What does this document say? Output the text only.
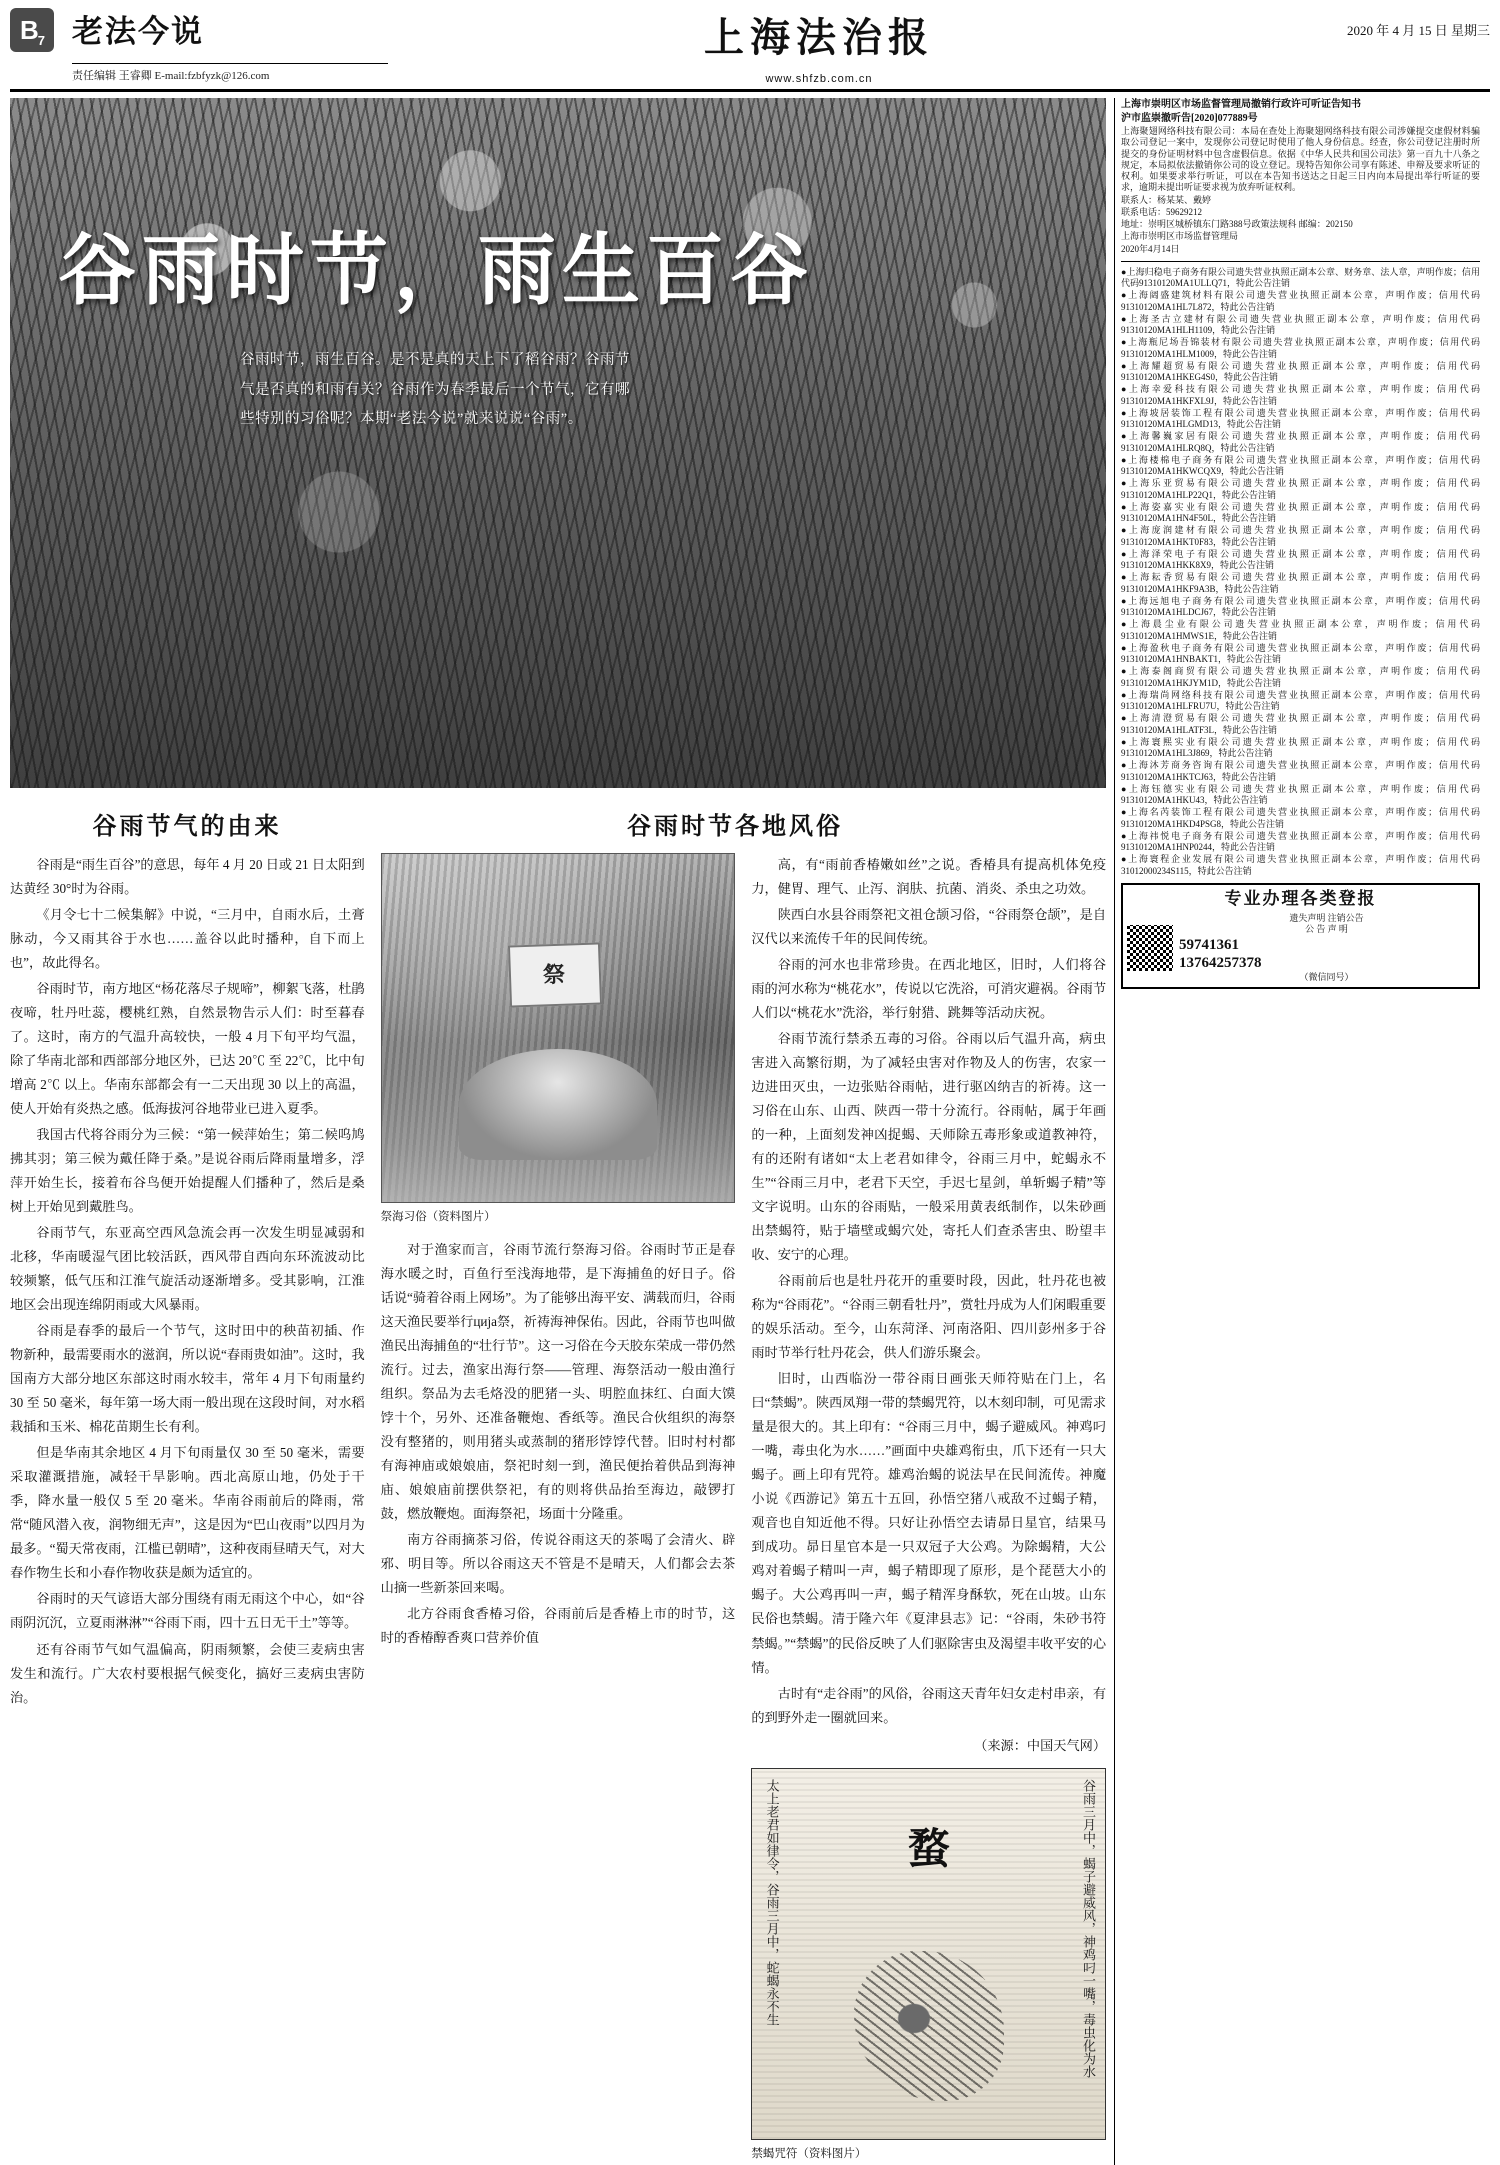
B 7 老法今说
责任编辑 王睿卿 E-mail:fzbfyzk@126.com
上海法治报
www.shfzb.com.cn
2020 年 4 月 15 日 星期三
谷雨时节，雨生百谷
谷雨时节，雨生百谷。是不是真的天上下了稻谷雨？谷雨节气是否真的和雨有关？谷雨作为春季最后一个节气，它有哪些特别的习俗呢？本期“老法今说”就来说说“谷雨”。
谷雨节气的由来	谷雨时节各地风俗

谷雨是“雨生百谷”的意思，每年 4 月 20 日或 21 日太阳到达黄经 30°时为谷雨。

《月令七十二候集解》中说，“三月中，自雨水后，土膏脉动，今又雨其谷于水也……盖谷以此时播种，自下而上也”，故此得名。

谷雨时节，南方地区“杨花落尽子规啼”，柳絮飞落，杜鹃夜啼，牡丹吐蕊，樱桃红熟，自然景物告示人们：时至暮春了。这时，南方的气温升高较快，一般 4 月下旬平均气温，除了华南北部和西部部分地区外，已达 20℃ 至 22℃，比中旬增高 2℃ 以上。华南东部都会有一二天出现 30 以上的高温，使人开始有炎热之感。低海拔河谷地带业已进入夏季。

我国古代将谷雨分为三候：“第一候萍始生；第二候呜鸠拂其羽；第三候为戴任降于桑。”是说谷雨后降雨量增多，浮萍开始生长，接着布谷鸟便开始提醒人们播种了，然后是桑树上开始见到戴胜鸟。

谷雨节气，东亚高空西风急流会再一次发生明显减弱和北移，华南暖湿气团比较活跃，西风带自西向东环流波动比较频繁，低气压和江淮气旋活动逐渐增多。受其影响，江淮地区会出现连绵阴雨或大风暴雨。

谷雨是春季的最后一个节气，这时田中的秧苗初插、作物新种，最需要雨水的滋润，所以说“春雨贵如油”。这时，我国南方大部分地区东部这时雨水较丰，常年 4 月下旬雨量约 30 至 50 毫米，每年第一场大雨一般出现在这段时间，对水稻栽插和玉米、棉花苗期生长有利。

但是华南其余地区 4 月下旬雨量仅 30 至 50 毫米，需要采取灌溉措施，减轻干旱影响。西北高原山地，仍处于干季，降水量一般仅 5 至 20 毫米。华南谷雨前后的降雨，常常“随风潜入夜，润物细无声”，这是因为“巴山夜雨”以四月为最多。“蜀天常夜雨，江槛已朝晴”，这种夜雨昼晴天气，对大春作物生长和小春作物收获是颇为适宜的。

谷雨时的天气谚语大部分围绕有雨无雨这个中心，如“谷雨阴沉沉，立夏雨淋淋”“谷雨下雨，四十五日无干土”等等。

还有谷雨节气如气温偏高，阴雨频繁，会使三麦病虫害发生和流行。广大农村要根据气候变化，搞好三麦病虫害防治。

祭
祭海习俗（资料图片）

对于渔家而言，谷雨节流行祭海习俗。谷雨时节正是春海水暖之时，百鱼行至浅海地带，是下海捕鱼的好日子。俗话说“骑着谷雨上网场”。为了能够出海平安、满载而归，谷雨这天渔民要举行ција祭，祈祷海神保佑。因此，谷雨节也叫做渔民出海捕鱼的“壮行节”。这一习俗在今天胶东荣成一带仍然流行。过去，渔家出海行祭——管理、海祭活动一般由渔行组织。祭品为去毛烙没的肥猪一头、明腔血抹红、白面大馍饽十个，另外、还准备鞭炮、香纸等。渔民合伙组织的海祭没有整猪的，则用猪头或蒸制的猪形饽饽代替。旧时村村都有海神庙或娘娘庙，祭祀时刻一到，渔民便抬着供品到海神庙、娘娘庙前摆供祭祀，有的则将供品抬至海边，敲锣打鼓，燃放鞭炮。面海祭祀，场面十分隆重。

南方谷雨摘茶习俗，传说谷雨这天的茶喝了会清火、辟邪、明目等。所以谷雨这天不管是不是晴天，人们都会去茶山摘一些新茶回来喝。

北方谷雨食香椿习俗，谷雨前后是香椿上市的时节，这时的香椿醇香爽口营养价值

高，有“雨前香椿嫩如丝”之说。香椿具有提高机体免疫力，健胃、理气、止泻、润肤、抗菌、消炎、杀虫之功效。

陕西白水县谷雨祭祀文祖仓颉习俗，“谷雨祭仓颉”，是自汉代以来流传千年的民间传统。

谷雨的河水也非常珍贵。在西北地区，旧时，人们将谷雨的河水称为“桃花水”，传说以它洗浴，可消灾避祸。谷雨节人们以“桃花水”洗浴，举行射猎、跳舞等活动庆祝。

谷雨节流行禁杀五毒的习俗。谷雨以后气温升高，病虫害进入高繁衍期，为了减轻虫害对作物及人的伤害，农家一边进田灭虫，一边张贴谷雨帖，进行驱凶纳吉的祈祷。这一习俗在山东、山西、陕西一带十分流行。谷雨帖，属于年画的一种，上面刻发神凶捉蝎、天师除五毒形象或道教神符，有的还附有诸如“太上老君如律令，谷雨三月中，蛇蝎永不生”“谷雨三月中，老君下天空，手迟七星剑，单斩蝎子精”等文字说明。山东的谷雨贴，一般采用黄表纸制作，以朱砂画出禁蝎符，贴于墙壁或蝎穴处，寄托人们查杀害虫、盼望丰收、安宁的心理。

谷雨前后也是牡丹花开的重要时段，因此，牡丹花也被称为“谷雨花”。“谷雨三朝看牡丹”，赏牡丹成为人们闲暇重要的娱乐活动。至今，山东菏泽、河南洛阳、四川彭州多于谷雨时节举行牡丹花会，供人们游乐聚会。

旧时，山西临汾一带谷雨日画张天师符贴在门上，名曰“禁蝎”。陕西凤翔一带的禁蝎咒符，以木刻印制，可见需求量是很大的。其上印有：“谷雨三月中，蝎子避威风。神鸡叼一嘴，毒虫化为水……”画面中央雄鸡衔虫，爪下还有一只大蝎子。画上印有咒符。雄鸡治蝎的说法早在民间流传。神魔小说《西游记》第五十五回，孙悟空猪八戒敌不过蝎子精，观音也自知近他不得。只好让孙悟空去请昴日星官，结果马到成功。昴日星官本是一只双冠子大公鸡。为除蝎精，大公鸡对着蝎子精叫一声，蝎子精即现了原形，是个琵琶大小的蝎子。大公鸡再叫一声，蝎子精浑身酥软，死在山坡。山东民俗也禁蝎。清于隆六年《夏津县志》记：“谷雨，朱砂书符禁蝎。”“禁蝎”的民俗反映了人们驱除害虫及渴望丰收平安的心情。

古时有“走谷雨”的风俗，谷雨这天青年妇女走村串亲，有的到野外走一圈就回来。

（来源：中国天气网）

谷雨三月中，蝎子避威风，神鸡叼一嘴，毒虫化为水
太上老君如律令，谷雨三月中，蛇蝎永不生	蝥
禁蝎咒符（资料图片）

上海市崇明区市场监督管理局撤销行政许可听证告知书

沪市监崇撤听告[2020]077889号

上海聚翅网络科技有限公司：本局在查处上海聚翅网络科技有限公司涉嫌提交虚假材料骗取公司登记一案中，发现你公司登记时使用了他人身份信息。经查，你公司登记注册时所提交的身份证明材料中包含虚假信息。依据《中华人民共和国公司法》第一百九十八条之规定，本局拟依法撤销你公司的设立登记。现特告知你公司享有陈述、申辩及要求听证的权利。如果要求举行听证，可以在本告知书送达之日起三日内向本局提出举行听证的要求，逾期未提出听证要求视为放弃听证权利。

联系人：杨某某、戴婷

联系电话：59629212

地址：崇明区城桥镇东门路388号政策法规科 邮编：202150

上海市崇明区市场监督管理局

2020年4月14日

●上海归稳电子商务有限公司遗失营业执照正副本公章、财务章、法人章，声明作废；信用代码91310120MA1ULLQ71，特此公告注销

●上海阔盛建筑材料有限公司遗失营业执照正副本公章，声明作废；信用代码91310120MA1HL7L872，特此公告注销

●上海圣古立建材有限公司遗失营业执照正副本公章，声明作废；信用代码91310120MA1HLH1109，特此公告注销

●上海瓶尼场吾锦装材有限公司遗失营业执照正副本公章，声明作废；信用代码91310120MA1HLM1009，特此公告注销

●上海耀超贸易有限公司遗失营业执照正副本公章，声明作废；信用代码91310120MA1HKEG4S0，特此公告注销

●上海幸爱科技有限公司遗失营业执照正副本公章，声明作废；信用代码91310120MA1HKFXL9J，特此公告注销

●上海坡居装饰工程有限公司遗失营业执照正副本公章，声明作废；信用代码91310120MA1HLGMD13，特此公告注销

●上海馨巍家居有限公司遗失营业执照正副本公章，声明作废；信用代码91310120MA1HLRQ8Q，特此公告注销

●上海楼棉电子商务有限公司遗失营业执照正副本公章，声明作废；信用代码91310120MA1HKWCQX9，特此公告注销

●上海乐亚贸易有限公司遗失营业执照正副本公章，声明作废；信用代码91310120MA1HLP22Q1，特此公告注销

●上海姿嘉实业有限公司遗失营业执照正副本公章，声明作废；信用代码91310120MA1HN4F50L，特此公告注销

●上海庞润建材有限公司遗失营业执照正副本公章，声明作废；信用代码91310120MA1HKT0F83，特此公告注销

●上海泽荣电子有限公司遗失营业执照正副本公章，声明作废；信用代码91310120MA1HKK8X9，特此公告注销

●上海耘香贸易有限公司遗失营业执照正副本公章，声明作废；信用代码91310120MA1HKF9A3B，特此公告注销

●上海远旭电子商务有限公司遗失营业执照正副本公章，声明作废；信用代码91310120MA1HLDCJ67，特此公告注销

●上海晨尘业有限公司遗失营业执照正副本公章，声明作废；信用代码91310120MA1HMWS1E，特此公告注销

●上海盈秋电子商务有限公司遗失营业执照正副本公章，声明作废；信用代码91310120MA1HNBAKT1，特此公告注销

●上海泰阁商贸有限公司遗失营业执照正副本公章，声明作废；信用代码91310120MA1HKJYM1D，特此公告注销

●上海瑞尚网络科技有限公司遗失营业执照正副本公章，声明作废；信用代码91310120MA1HLFRU7U，特此公告注销

●上海清澄贸易有限公司遗失营业执照正副本公章，声明作废；信用代码91310120MA1HLATF3L，特此公告注销

●上海寰熙实业有限公司遗失营业执照正副本公章，声明作废；信用代码91310120MA1HL3J869，特此公告注销

●上海沐芳商务咨询有限公司遗失营业执照正副本公章，声明作废；信用代码91310120MA1HKTCJ63，特此公告注销

●上海钰德实业有限公司遗失营业执照正副本公章，声明作废；信用代码91310120MA1HKU43，特此公告注销

●上海名芮装饰工程有限公司遗失营业执照正副本公章，声明作废；信用代码91310120MA1HKD4PSG8，特此公告注销

●上海祎悦电子商务有限公司遗失营业执照正副本公章，声明作废；信用代码91310120MA1HNP0244，特此公告注销

●上海寰程企业发展有限公司遗失营业执照正副本公章，声明作废；信用代码31012000234S115，特此公告注销

专业办理各类登报
遗失声明 注销公告
公 告 声 明
59741361
13764257378
（微信同号）
